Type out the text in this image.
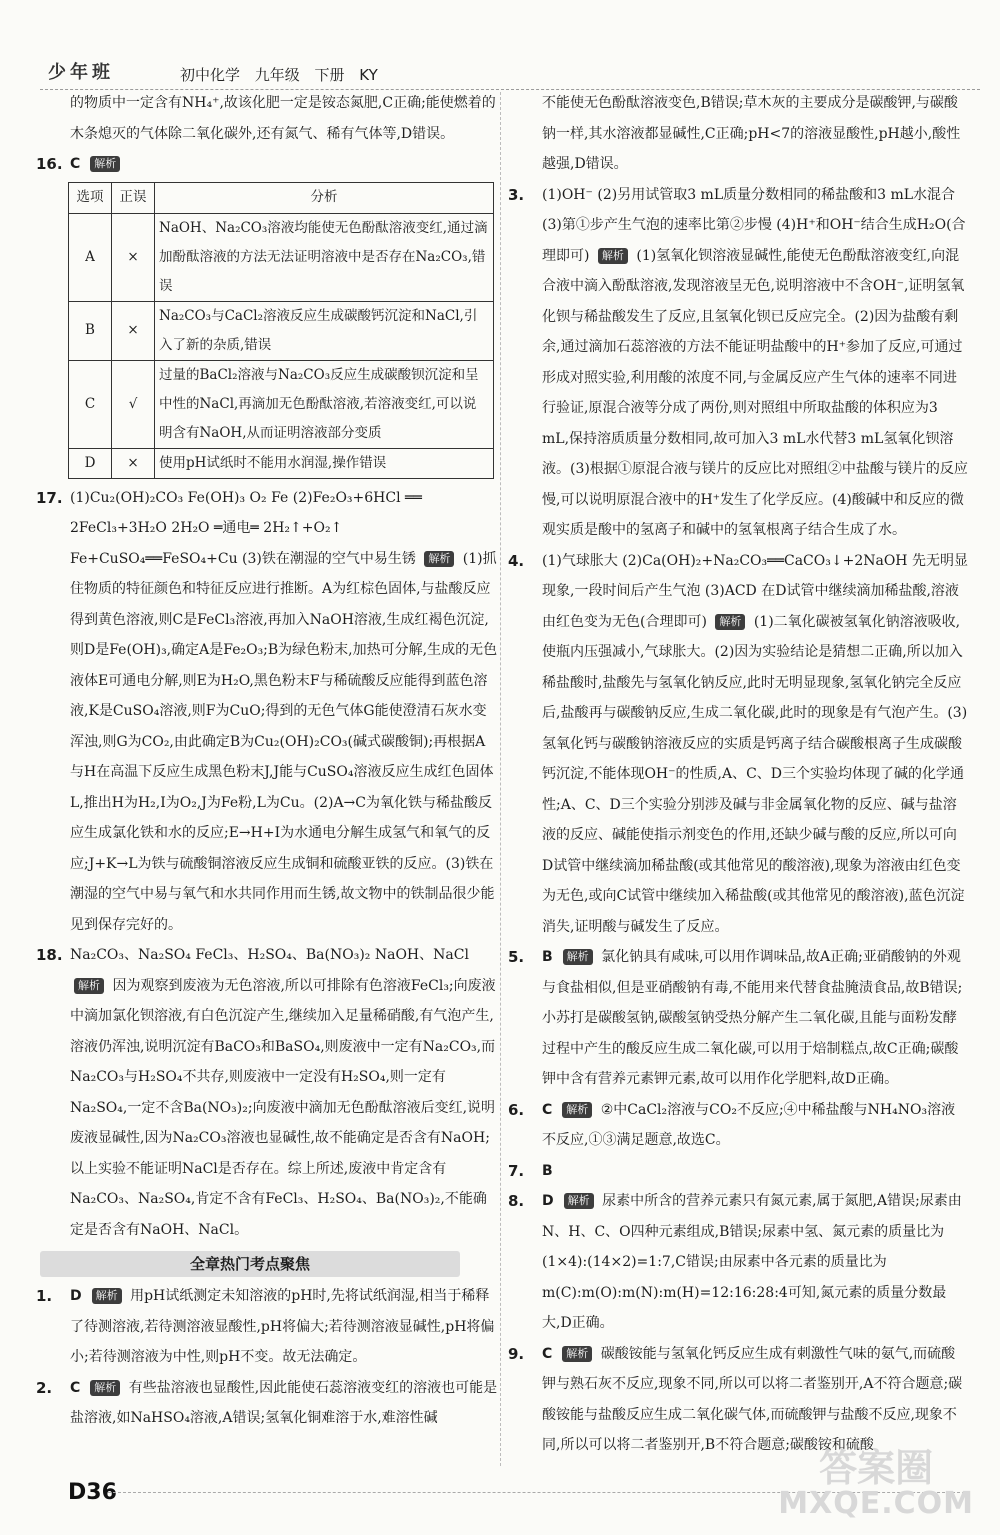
少年班	初中化学 九年级 下册 KY
的物质中一定含有NH₄⁺,故该化肥一定是铵态氮肥,C正确;能使燃着的木条熄灭的气体除二氧化碳外,还有氮气、稀有气体等,D错误。
16. C 解析
选项	正误	分析
A	×	NaOH、Na₂CO₃溶液均能使无色酚酞溶液变红,通过滴加酚酞溶液的方法无法证明溶液中是否存在Na₂CO₃,错误
B	×	Na₂CO₃与CaCl₂溶液反应生成碳酸钙沉淀和NaCl,引入了新的杂质,错误
C	√	过量的BaCl₂溶液与Na₂CO₃反应生成碳酸钡沉淀和呈中性的NaCl,再滴加无色酚酞溶液,若溶液变红,可以说明含有NaOH,从而证明溶液部分变质
D	×	使用pH试纸时不能用水润湿,操作错误
17. (1)Cu₂(OH)₂CO₃ Fe(OH)₃ O₂ Fe (2)Fe₂O₃+6HCl ══ 2FeCl₃+3H₂O 2H₂O ═通电═ 2H₂↑+O₂↑ Fe+CuSO₄══FeSO₄+Cu (3)铁在潮湿的空气中易生锈 解析 (1)抓住物质的特征颜色和特征反应进行推断。A为红棕色固体,与盐酸反应得到黄色溶液,则C是FeCl₃溶液,再加入NaOH溶液,生成红褐色沉淀,则D是Fe(OH)₃,确定A是Fe₂O₃;B为绿色粉末,加热可分解,生成的无色液体E可通电分解,则E为H₂O,黑色粉末F与稀硫酸反应能得到蓝色溶液,K是CuSO₄溶液,则F为CuO;得到的无色气体G能使澄清石灰水变浑浊,则G为CO₂,由此确定B为Cu₂(OH)₂CO₃(碱式碳酸铜);再根据A与H在高温下反应生成黑色粉末J,J能与CuSO₄溶液反应生成红色固体L,推出H为H₂,I为O₂,J为Fe粉,L为Cu。(2)A→C为氧化铁与稀盐酸反应生成氯化铁和水的反应;E→H+I为水通电分解生成氢气和氧气的反应;J+K→L为铁与硫酸铜溶液反应生成铜和硫酸亚铁的反应。(3)铁在潮湿的空气中易与氧气和水共同作用而生锈,故文物中的铁制品很少能见到保存完好的。
18. Na₂CO₃、Na₂SO₄ FeCl₃、H₂SO₄、Ba(NO₃)₂ NaOH、NaCl
解析 因为观察到废液为无色溶液,所以可排除有色溶液FeCl₃;向废液中滴加氯化钡溶液,有白色沉淀产生,继续加入足量稀硝酸,有气泡产生,溶液仍浑浊,说明沉淀有BaCO₃和BaSO₄,则废液中一定有Na₂CO₃,而Na₂CO₃与H₂SO₄不共存,则废液中一定没有H₂SO₄,则一定有Na₂SO₄,一定不含Ba(NO₃)₂;向废液中滴加无色酚酞溶液后变红,说明废液显碱性,因为Na₂CO₃溶液也显碱性,故不能确定是否含有NaOH;以上实验不能证明NaCl是否存在。综上所述,废液中肯定含有Na₂CO₃、Na₂SO₄,肯定不含有FeCl₃、H₂SO₄、Ba(NO₃)₂,不能确定是否含有NaOH、NaCl。
全章热门考点聚焦
1. D 解析 用pH试纸测定未知溶液的pH时,先将试纸润湿,相当于稀释了待测溶液,若待测溶液显酸性,pH将偏大;若待测溶液显碱性,pH将偏小;若待测溶液为中性,则pH不变。故无法确定。
2. C 解析 有些盐溶液也显酸性,因此能使石蕊溶液变红的溶液也可能是盐溶液,如NaHSO₄溶液,A错误;氢氧化铜难溶于水,难溶性碱
不能使无色酚酞溶液变色,B错误;草木灰的主要成分是碳酸钾,与碳酸钠一样,其水溶液都显碱性,C正确;pH<7的溶液显酸性,pH越小,酸性越强,D错误。
3. (1)OH⁻ (2)另用试管取3 mL质量分数相同的稀盐酸和3 mL水混合 (3)第①步产生气泡的速率比第②步慢 (4)H⁺和OH⁻结合生成H₂O(合理即可) 解析 (1)氢氧化钡溶液显碱性,能使无色酚酞溶液变红,向混合液中滴入酚酞溶液,发现溶液呈无色,说明溶液中不含OH⁻,证明氢氧化钡与稀盐酸发生了反应,且氢氧化钡已反应完全。(2)因为盐酸有剩余,通过滴加石蕊溶液的方法不能证明盐酸中的H⁺参加了反应,可通过形成对照实验,利用酸的浓度不同,与金属反应产生气体的速率不同进行验证,原混合液等分成了两份,则对照组中所取盐酸的体积应为3 mL,保持溶质质量分数相同,故可加入3 mL水代替3 mL氢氧化钡溶液。(3)根据①原混合液与镁片的反应比对照组②中盐酸与镁片的反应慢,可以说明原混合液中的H⁺发生了化学反应。(4)酸碱中和反应的微观实质是酸中的氢离子和碱中的氢氧根离子结合生成了水。
4. (1)气球胀大 (2)Ca(OH)₂+Na₂CO₃══CaCO₃↓+2NaOH 先无明显现象,一段时间后产生气泡 (3)ACD 在D试管中继续滴加稀盐酸,溶液由红色变为无色(合理即可) 解析 (1)二氧化碳被氢氧化钠溶液吸收,使瓶内压强减小,气球胀大。(2)因为实验结论是猜想二正确,所以加入稀盐酸时,盐酸先与氢氧化钠反应,此时无明显现象,氢氧化钠完全反应后,盐酸再与碳酸钠反应,生成二氧化碳,此时的现象是有气泡产生。(3)氢氧化钙与碳酸钠溶液反应的实质是钙离子结合碳酸根离子生成碳酸钙沉淀,不能体现OH⁻的性质,A、C、D三个实验均体现了碱的化学通性;A、C、D三个实验分别涉及碱与非金属氧化物的反应、碱与盐溶液的反应、碱能使指示剂变色的作用,还缺少碱与酸的反应,所以可向D试管中继续滴加稀盐酸(或其他常见的酸溶液),现象为溶液由红色变为无色,或向C试管中继续加入稀盐酸(或其他常见的酸溶液),蓝色沉淀消失,证明酸与碱发生了反应。
5. B 解析 氯化钠具有咸味,可以用作调味品,故A正确;亚硝酸钠的外观与食盐相似,但是亚硝酸钠有毒,不能用来代替食盐腌渍食品,故B错误;小苏打是碳酸氢钠,碳酸氢钠受热分解产生二氧化碳,且能与面粉发酵过程中产生的酸反应生成二氧化碳,可以用于焙制糕点,故C正确;碳酸钾中含有营养元素钾元素,故可以用作化学肥料,故D正确。
6. C 解析 ②中CaCl₂溶液与CO₂不反应;④中稀盐酸与NH₄NO₃溶液不反应,①③满足题意,故选C。
7. B
8. D 解析 尿素中所含的营养元素只有氮元素,属于氮肥,A错误;尿素由N、H、C、O四种元素组成,B错误;尿素中氢、氮元素的质量比为(1×4):(14×2)=1:7,C错误;由尿素中各元素的质量比为m(C):m(O):m(N):m(H)=12:16:28:4可知,氮元素的质量分数最大,D正确。
9. C 解析 碳酸铵能与氢氧化钙反应生成有刺激性气味的氨气,而硫酸钾与熟石灰不反应,现象不同,所以可以将二者鉴别开,A不符合题意;碳酸铵能与盐酸反应生成二氧化碳气体,而硫酸钾与盐酸不反应,现象不同,所以可以将二者鉴别开,B不符合题意;碳酸铵和硫酸
D36
答案圈
MXQE.COM
